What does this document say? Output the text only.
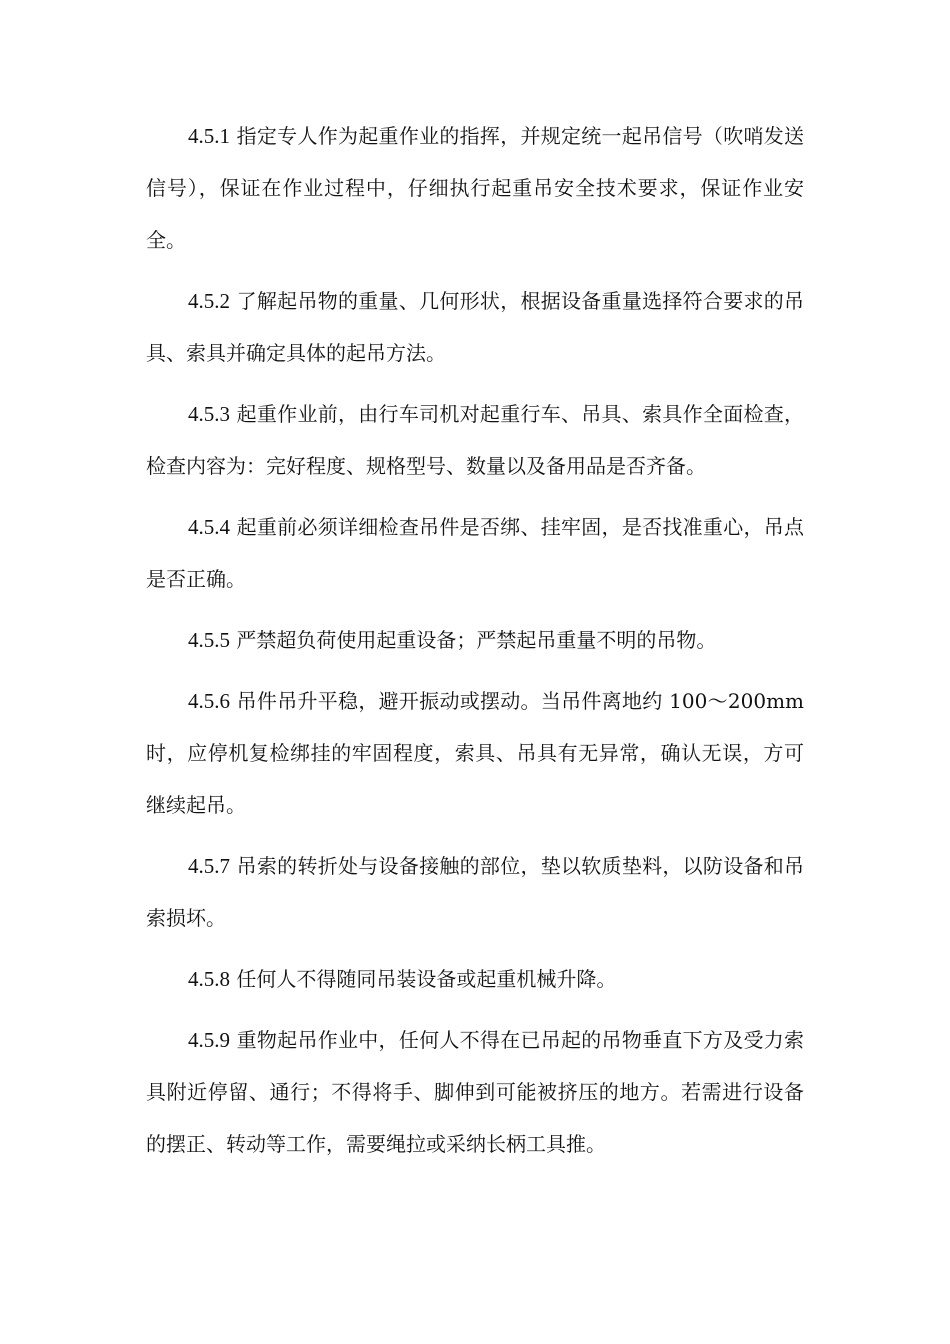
4.5.1 指定专人作为起重作业的指挥，并规定统一起吊信号（吹哨发送信号），保证在作业过程中，仔细执行起重吊安全技术要求，保证作业安全。

4.5.2 了解起吊物的重量、几何形状，根据设备重量选择符合要求的吊具、索具并确定具体的起吊方法。

4.5.3 起重作业前，由行车司机对起重行车、吊具、索具作全面检查，检查内容为：完好程度、规格型号、数量以及备用品是否齐备。

4.5.4 起重前必须详细检查吊件是否绑、挂牢固，是否找准重心，吊点是否正确。

4.5.5 严禁超负荷使用起重设备；严禁起吊重量不明的吊物。

4.5.6 吊件吊升平稳，避开振动或摆动。当吊件离地约 100～200mm 时，应停机复检绑挂的牢固程度，索具、吊具有无异常，确认无误，方可继续起吊。

4.5.7 吊索的转折处与设备接触的部位，垫以软质垫料，以防设备和吊索损坏。

4.5.8 任何人不得随同吊装设备或起重机械升降。

4.5.9 重物起吊作业中，任何人不得在已吊起的吊物垂直下方及受力索具附近停留、通行；不得将手、脚伸到可能被挤压的地方。若需进行设备的摆正、转动等工作，需要绳拉或采纳长柄工具推。
